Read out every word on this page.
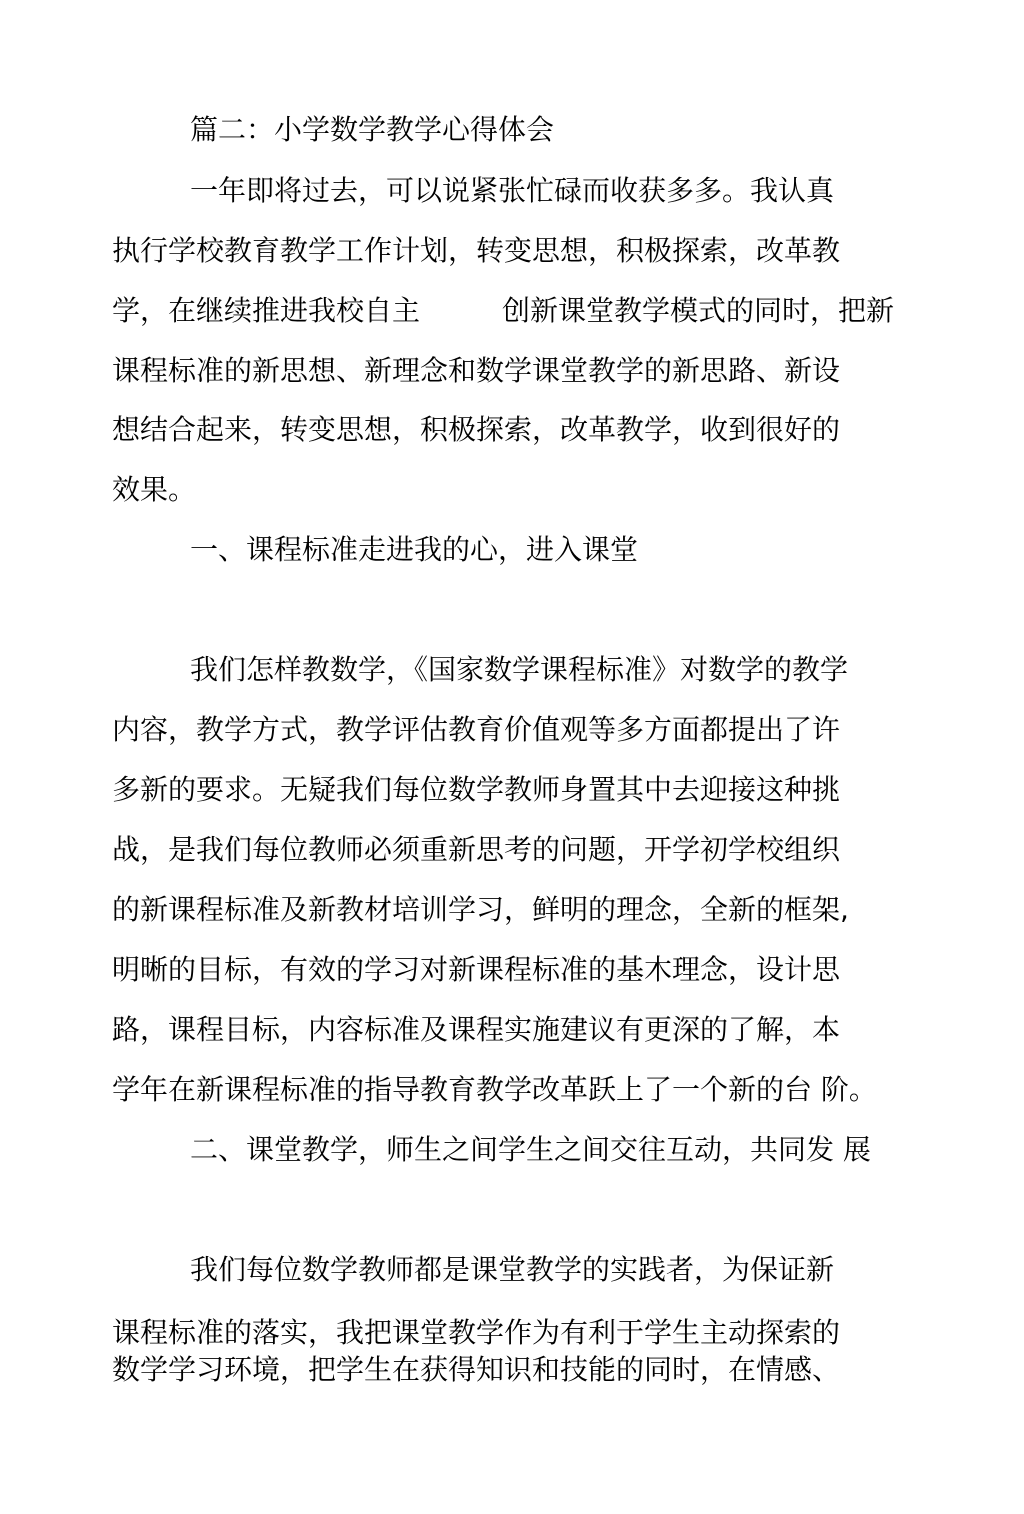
篇二：小学数学教学心得体会
一年即将过去，可以说紧张忙碌而收获多多。我认真
执行学校教育教学工作计划，转变思想，积极探索，改革教
学，在继续推进我校自主	创新课堂教学模式的同时，把新
课程标准的新思想、新理念和数学课堂教学的新思路、新设
想结合起来，转变思想，积极探索，改革教学，收到很好的
效果。
一、课程标准走进我的心，进入课堂
我们怎样教数学，《国家数学课程标准》对数学的教学
内容，教学方式，教学评估教育价值观等多方面都提出了许
多新的要求。无疑我们每位数学教师身置其中去迎接这种挑
战，是我们每位教师必须重新思考的问题，开学初学校组织
的新课程标准及新教材培训学习，鲜明的理念，全新的框架,
明晰的目标，有效的学习对新课程标准的基木理念，设计思
路，课程目标，内容标准及课程实施建议有更深的了解，本
学年在新课程标准的指导教育教学改革跃上了一个新的台 阶。
二、课堂教学，师生之间学生之间交往互动，共同发 展
我们每位数学教师都是课堂教学的实践者，为保证新
课程标准的落实，我把课堂教学作为有利于学生主动探索的
数学学习环境，把学生在获得知识和技能的同时，在情感、
